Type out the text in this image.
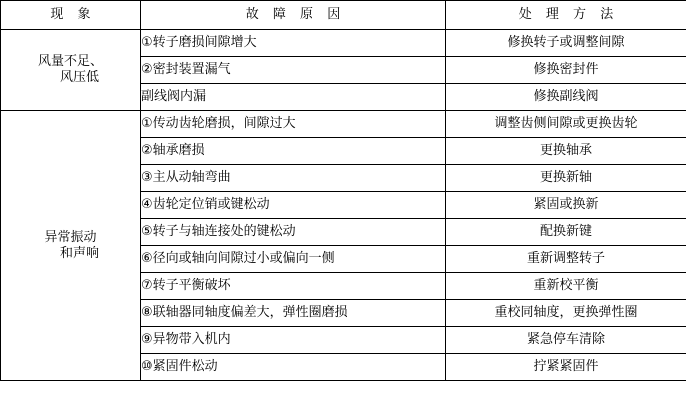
现 象	故 障 原 因	处 理 方 法

风量不足、
风压低	①转子磨损间隙增大	修换转子或调整间隙
	②密封装置漏气	修换密封件
	副线阀内漏	修换副线阀

异常振动
和声响	①传动齿轮磨损，间隙过大	调整齿侧间隙或更换齿轮
	②轴承磨损	更换轴承
	③主从动轴弯曲	更换新轴
	④齿轮定位销或键松动	紧固或换新
	⑤转子与轴连接处的键松动	配换新键
	⑥径向或轴向间隙过小或偏向一侧	重新调整转子
	⑦转子平衡破坏	重新校平衡
	⑧联轴器同轴度偏差大，弹性圈磨损	重校同轴度，更换弹性圈
	⑨异物带入机内	紧急停车清除
	⑩紧固件松动	拧紧紧固件
